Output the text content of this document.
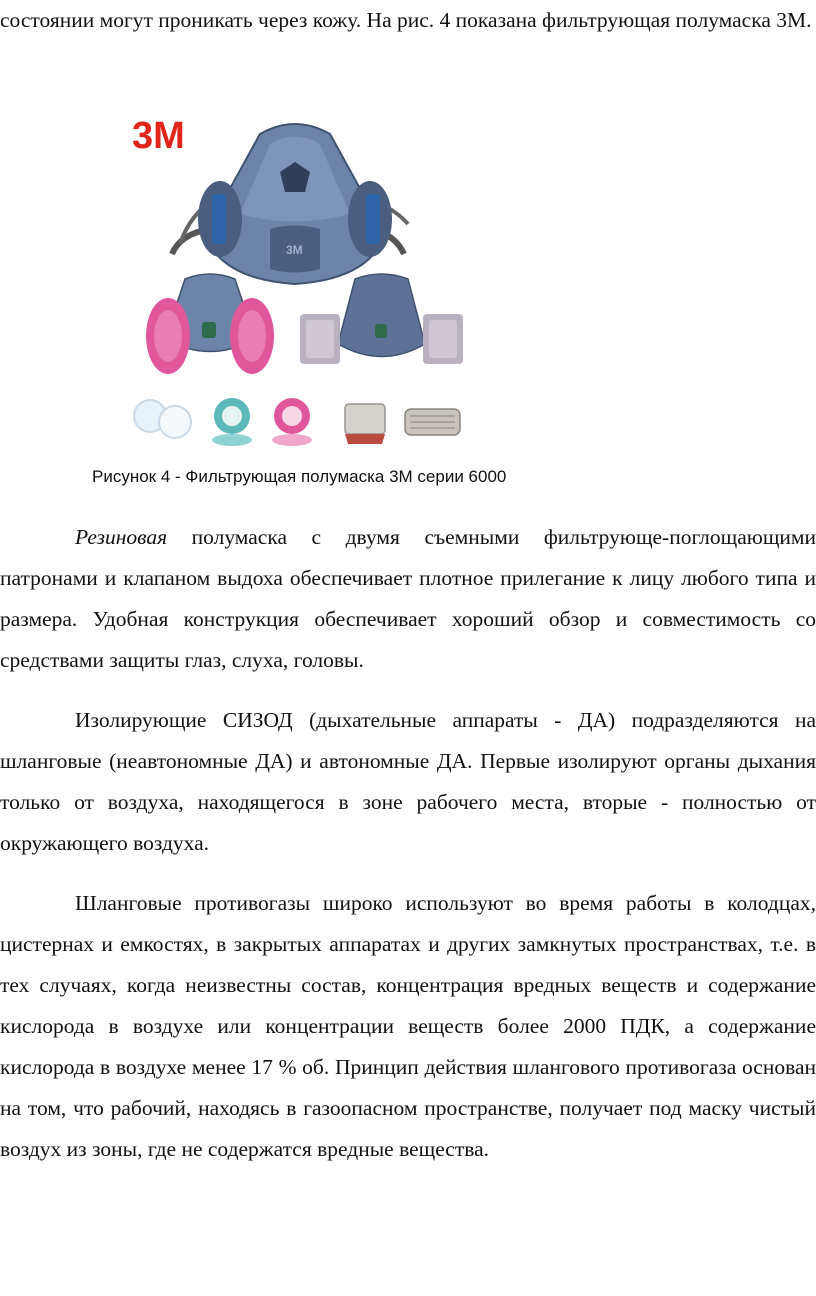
состоянии могут проникать через кожу. На рис. 4 показана фильтрующая полумаска 3М.

3M
3M
Рисунок 4 - Фильтрующая полумаска 3М серии 6000

Резиновая полумаска с двумя съемными фильтрующе-поглощающими патронами и клапаном выдоха обеспечивает плотное прилегание к лицу любого типа и размера. Удобная конструкция обеспечивает хороший обзор и совместимость со средствами защиты глаз, слуха, головы.

Изолирующие СИЗОД (дыхательные аппараты - ДА) подразделяются на шланговые (неавтономные ДА) и автономные ДА. Первые изолируют органы дыхания только от воздуха, находящегося в зоне рабочего места, вторые - полностью от окружающего воздуха.

Шланговые противогазы широко используют во время работы в колодцах, цистернах и емкостях, в закрытых аппаратах и других замкнутых пространствах, т.е. в тех случаях, когда неизвестны состав, концентрация вредных веществ и содержание кислорода в воздухе или концентрации веществ более 2000 ПДК, а содержание кислорода в воздухе менее 17 % об. Принцип действия шлангового противогаза основан на том, что рабочий, находясь в газоопасном пространстве, получает под маску чистый воздух из зоны, где не содержатся вредные вещества.
